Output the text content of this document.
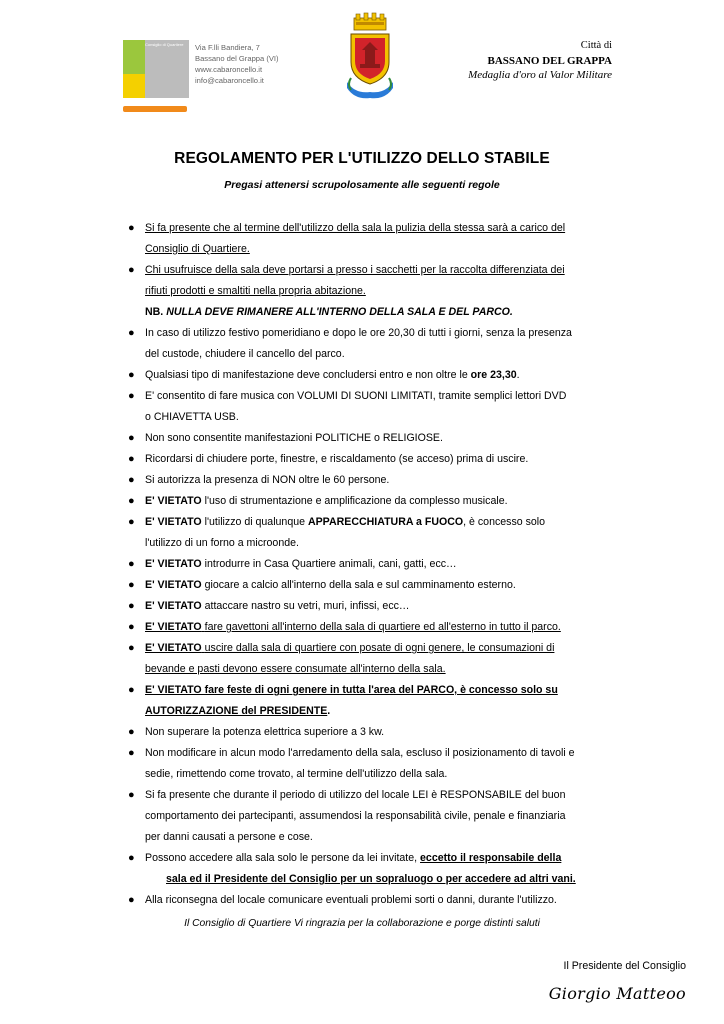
Consiglio di Quartiere Via F.lli Bandiera, 7
Bassano del Grappa (VI)
www.cabaroncello.it
info@cabaroncello.it
Città di
BASSANO DEL GRAPPA
Medaglia d'oro al Valor Militare
REGOLAMENTO PER L'UTILIZZO DELLO STABILE
Pregasi attenersi scrupolosamente alle seguenti regole
● Si fa presente che al termine dell'utilizzo della sala la pulizia della stessa sarà a carico del
Consiglio di Quartiere.
● Chi usufruisce della sala deve portarsi a presso i sacchetti per la raccolta differenziata dei
rifiuti prodotti e smaltiti nella propria abitazione.
NB. NULLA DEVE RIMANERE ALL'INTERNO DELLA SALA E DEL PARCO.
● In caso di utilizzo festivo pomeridiano e dopo le ore 20,30 di tutti i giorni, senza la presenza
del custode, chiudere il cancello del parco.
● Qualsiasi tipo di manifestazione deve concludersi entro e non oltre le ore 23,30.
● E' consentito di fare musica con VOLUMI DI SUONI LIMITATI, tramite semplici lettori DVD
o CHIAVETTA USB.
● Non sono consentite manifestazioni POLITICHE o RELIGIOSE.
● Ricordarsi di chiudere porte, finestre, e riscaldamento (se acceso) prima di uscire.
● Si autorizza la presenza di NON oltre le 60 persone.
● E' VIETATO l'uso di strumentazione e amplificazione da complesso musicale.
● E' VIETATO l'utilizzo di qualunque APPARECCHIATURA a FUOCO, è concesso solo
l'utilizzo di un forno a microonde.
● E' VIETATO introdurre in Casa Quartiere animali, cani, gatti, ecc…
● E' VIETATO giocare a calcio all'interno della sala e sul camminamento esterno.
● E' VIETATO attaccare nastro su vetri, muri, infissi, ecc…
● E' VIETATO fare gavettoni all'interno della sala di quartiere ed all'esterno in tutto il parco.
● E' VIETATO uscire dalla sala di quartiere con posate di ogni genere, le consumazioni di
bevande e pasti devono essere consumate all'interno della sala.
● E' VIETATO fare feste di ogni genere in tutta l'area del PARCO, è concesso solo su
AUTORIZZAZIONE del PRESIDENTE.
● Non superare la potenza elettrica superiore a 3 kw.
● Non modificare in alcun modo l'arredamento della sala, escluso il posizionamento di tavoli e
sedie, rimettendo come trovato, al termine dell'utilizzo della sala.
● Si fa presente che durante il periodo di utilizzo del locale LEI è RESPONSABILE del buon
comportamento dei partecipanti, assumendosi la responsabilità civile, penale e finanziaria
per danni causati a persone e cose.
● Possono accedere alla sala solo le persone da lei invitate, eccetto il responsabile della
sala ed il Presidente del Consiglio per un sopraluogo o per accedere ad altri vani.
● Alla riconsegna del locale comunicare eventuali problemi sorti o danni, durante l'utilizzo.
Il Consiglio di Quartiere Vi ringrazia per la collaborazione e porge distinti saluti
Il Presidente del Consiglio
Giorgio Matteoo
